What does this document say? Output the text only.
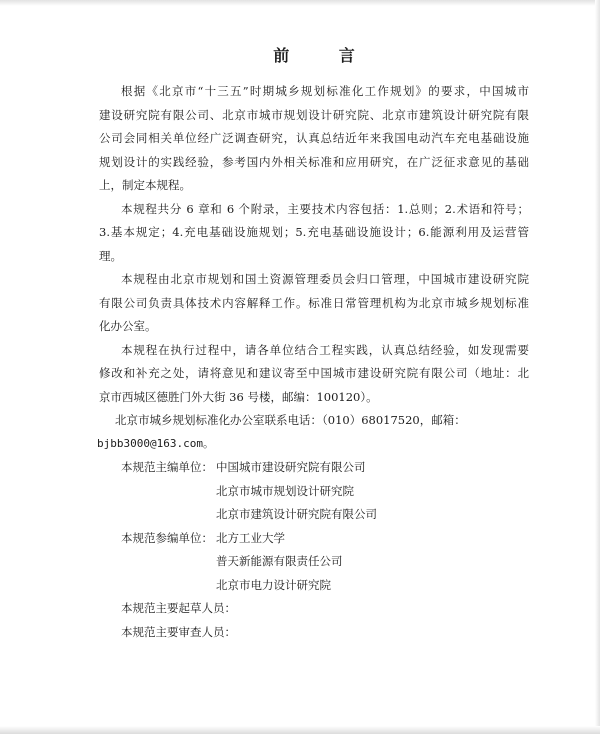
前 言

根据《北京市“十三五”时期城乡规划标准化工作规划》的要求，中国城市

建设研究院有限公司、北京市城市规划设计研究院、北京市建筑设计研究院有限

公司会同相关单位经广泛调查研究，认真总结近年来我国电动汽车充电基础设施

规划设计的实践经验，参考国内外相关标准和应用研究，在广泛征求意见的基础

上，制定本规程。

本规程共分 6 章和 6 个附录，主要技术内容包括：1.总则；2.术语和符号；

3.基本规定；4.充电基础设施规划；5.充电基础设施设计；6.能源利用及运营管

理。

本规程由北京市规划和国土资源管理委员会归口管理，中国城市建设研究院

有限公司负责具体技术内容解释工作。标准日常管理机构为北京市城乡规划标准

化办公室。

本规程在执行过程中，请各单位结合工程实践，认真总结经验，如发现需要

修改和补充之处，请将意见和建议寄至中国城市建设研究院有限公司（地址：北

京市西城区德胜门外大街 36 号楼，邮编：100120）。

北京市城乡规划标准化办公室联系电话：（010）68017520，邮箱：

bjbb3000@163.com。

本规范主编单位： 中国城市建设研究院有限公司

北京市城市规划设计研究院

北京市建筑设计研究院有限公司

本规范参编单位： 北方工业大学

普天新能源有限责任公司

北京市电力设计研究院

本规范主要起草人员：

本规范主要审查人员：
